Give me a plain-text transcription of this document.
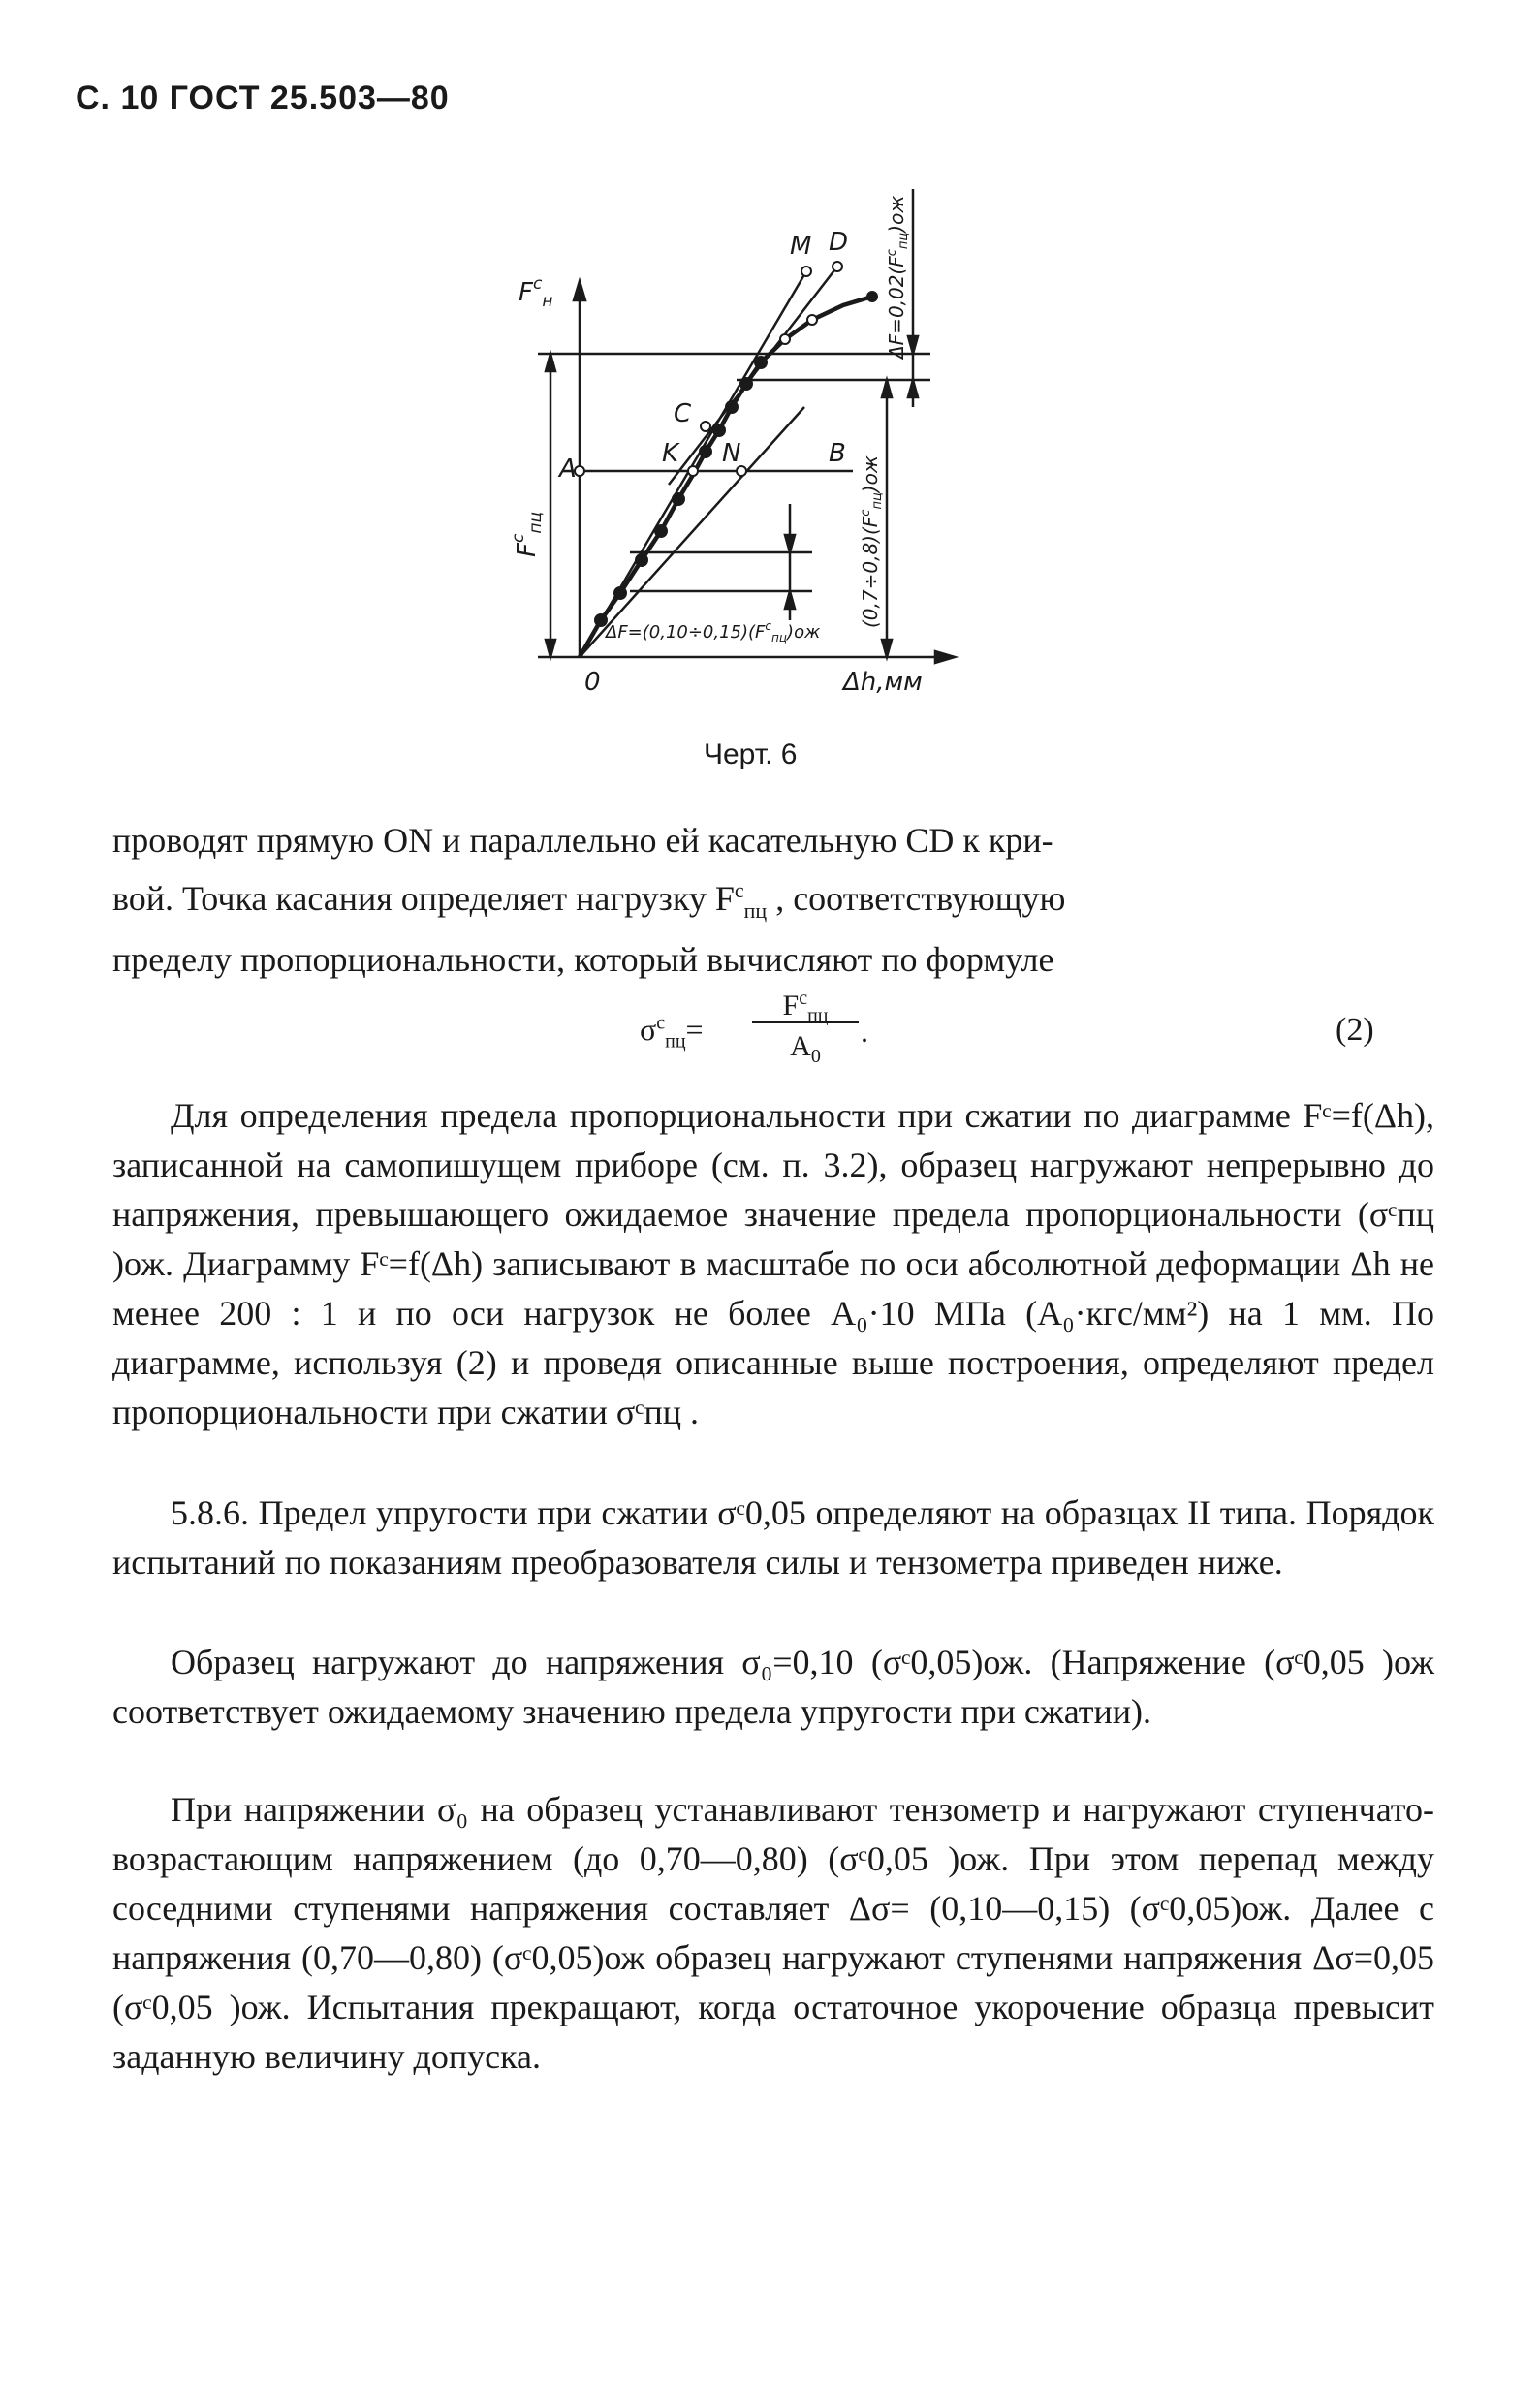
С. 10 ГОСТ 25.503—80
$F^c_н$
0	Δh,мм
M D
C
K N
A
B
$F^c_{пц}$
$\Delta F=0,02(F^c_{пц})ож$
$(0,7\div 0,8)(F^c_{пц})ож$
$\Delta F=(0,10\div 0,15)(F^c_{пц})ож$
Черт. 6

проводят прямую ON и параллельно ей касательную CD к кри-

вой. Точка касания определяет нагрузку $F^c_{пц}$ , соответствующую

пределу пропорциональности, который вычисляют по формуле

$\sigma^c_{пц}=$
$F^c_{пц}$
$A_0$
.	(2)

Для определения предела пропорциональности при сжатии по диаграмме Fᶜ=f(Δh), записанной на самопишущем приборе (см. п. 3.2), образец нагружают непрерывно до напряжения, превышающего ожидаемое значение предела пропорциональности (σᶜпц )ож. Диаграмму Fᶜ=f(Δh) записывают в масштабе по оси абсолютной деформации Δh не менее 200 : 1 и по оси нагрузок не более A₀·10 МПа (A₀·кгс/мм²) на 1 мм. По диаграмме, используя (2) и проведя описанные выше построения, определяют предел пропорциональности при сжатии σᶜпц .

5.8.6. Предел упругости при сжатии σᶜ0,05 определяют на образцах II типа. Порядок испытаний по показаниям преобразователя силы и тензометра приведен ниже.

Образец нагружают до напряжения σ₀=0,10 (σᶜ0,05)ож. (Напряжение (σᶜ0,05 )ож соответствует ожидаемому значению предела упругости при сжатии).

При напряжении σ₀ на образец устанавливают тензометр и нагружают ступенчато-возрастающим напряжением (до 0,70—0,80) (σᶜ0,05 )ож. При этом перепад между соседними ступенями напряжения составляет Δσ= (0,10—0,15) (σᶜ0,05)ож. Далее с напряжения (0,70—0,80) (σᶜ0,05)ож образец нагружают ступенями напряжения Δσ=0,05 (σᶜ0,05 )ож. Испытания прекращают, когда остаточное укорочение образца превысит заданную величину допуска.
